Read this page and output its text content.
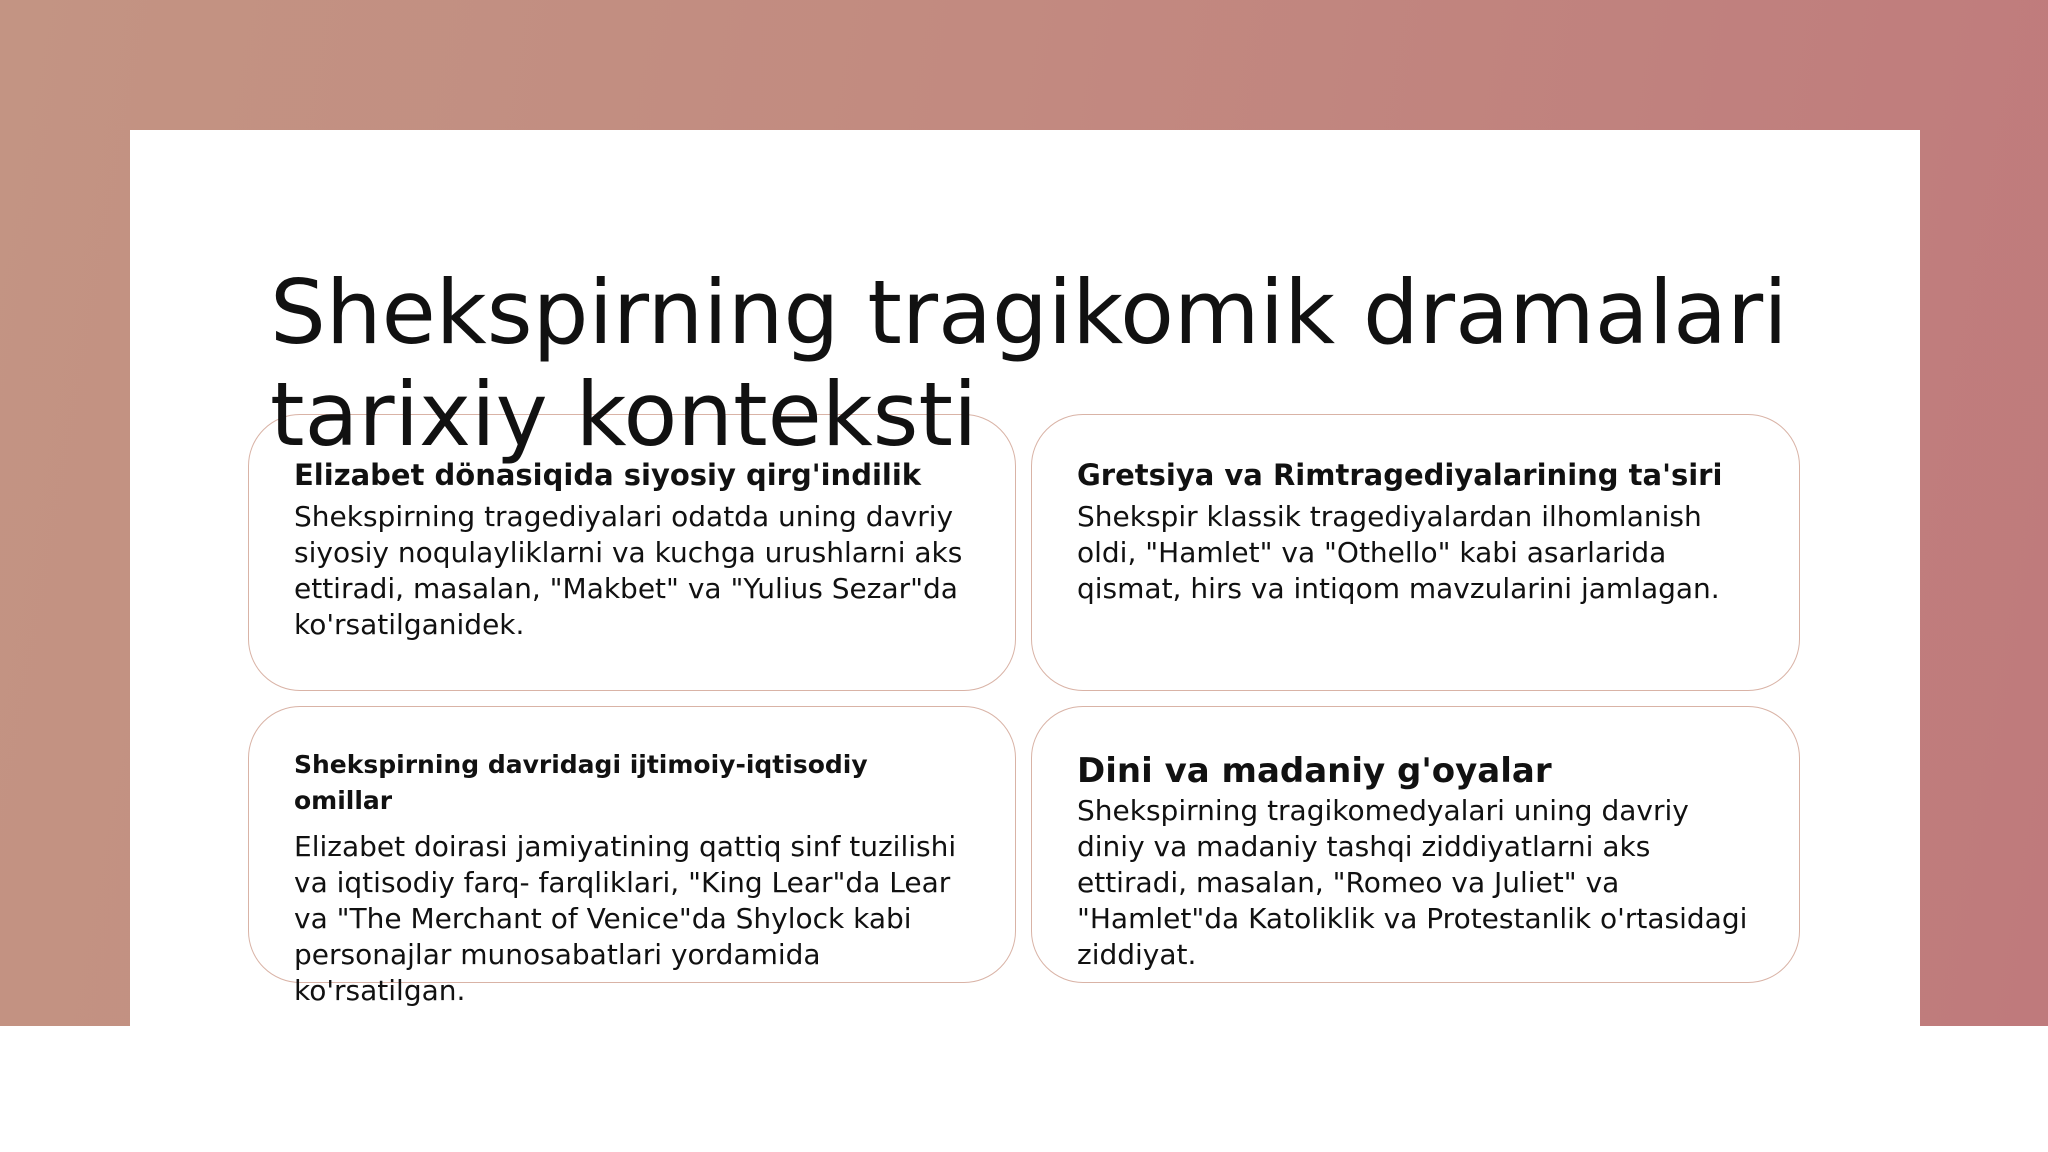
Shekspirning tragikomik dramalari
tarixiy konteksti
Elizabet dönasiqida siyosiy qirg'indilik

Shekspirning tragediyalari odatda uning davriy siyosiy noqulayliklarni va kuchga urushlarni aks ettiradi, masalan, "Makbet" va "Yulius Sezar"da ko'rsatilganidek.

Gretsiya va Rimtragediyalarining ta'siri

Shekspir klassik tragediyalardan ilhomlanish oldi, "Hamlet" va "Othello" kabi asarlarida qismat, hirs va intiqom mavzularini jamlagan.

Shekspirning davridagi ijtimoiy-iqtisodiy omillar

Elizabet doirasi jamiyatining qattiq sinf tuzilishi va iqtisodiy farq- farqliklari, "King Lear"da Lear va "The Merchant of Venice"da Shylock kabi personajlar munosabatlari yordamida ko'rsatilgan.

Dini va madaniy g'oyalar

Shekspirning tragikomedyalari uning davriy diniy va madaniy tashqi ziddiyatlarni aks ettiradi, masalan, "Romeo va Juliet" va "Hamlet"da Katoliklik va Protestanlik o'rtasidagi ziddiyat.
